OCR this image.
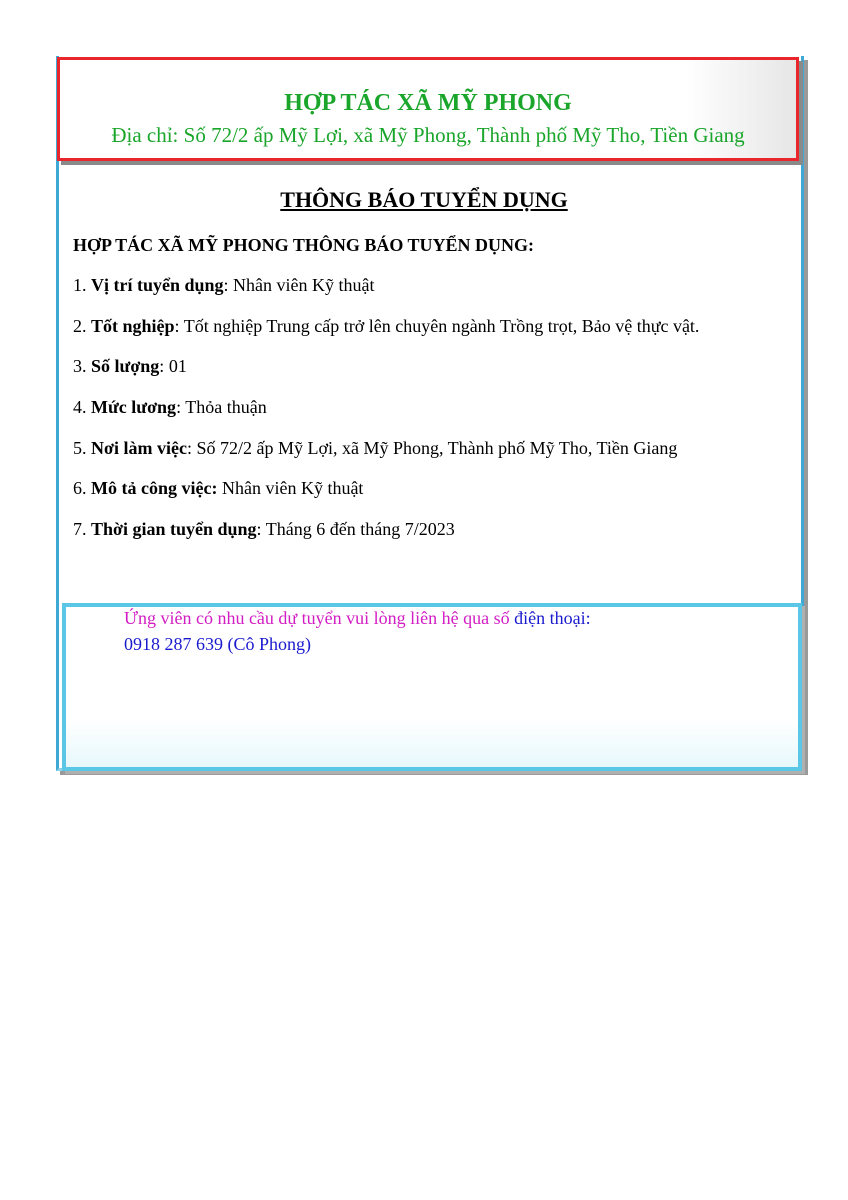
HỢP TÁC XÃ MỸ PHONG
Địa chỉ: Số 72/2 ấp Mỹ Lợi, xã Mỹ Phong, Thành phố Mỹ Tho, Tiền Giang
THÔNG BÁO TUYỂN DỤNG
HỢP TÁC XÃ MỸ PHONG THÔNG BÁO TUYỂN DỤNG:
1. Vị trí tuyển dụng: Nhân viên Kỹ thuật
2. Tốt nghiệp: Tốt nghiệp Trung cấp trở lên chuyên ngành Trồng trọt, Bảo vệ thực vật.
3. Số lượng: 01
4. Mức lương: Thỏa thuận
5. Nơi làm việc: Số 72/2 ấp Mỹ Lợi, xã Mỹ Phong, Thành phố Mỹ Tho, Tiền Giang
6. Mô tả công việc: Nhân viên Kỹ thuật
7. Thời gian tuyển dụng: Tháng 6 đến tháng 7/2023
Ứng viên có nhu cầu dự tuyển vui lòng liên hệ qua số điện thoại:
0918 287 639 (Cô Phong)
